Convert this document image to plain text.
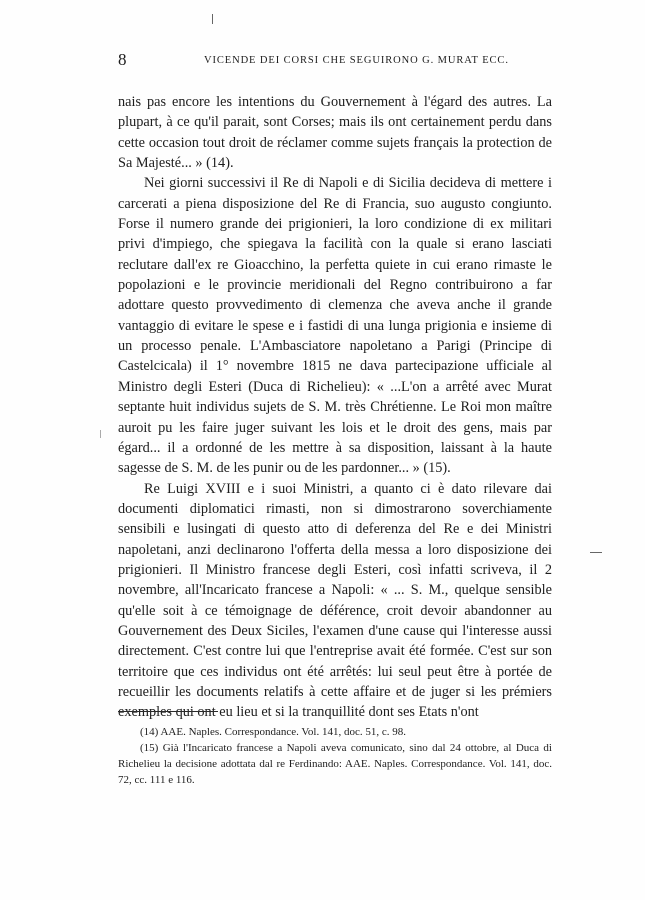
8	VICENDE DEI CORSI CHE SEGUIRONO G. MURAT ECC.

nais pas encore les intentions du Gouvernement à l'égard des autres. La plupart, à ce qu'il parait, sont Corses; mais ils ont certainement perdu dans cette occasion tout droit de réclamer comme sujets français la protection de Sa Majesté... » (14).

Nei giorni successivi il Re di Napoli e di Sicilia decideva di mettere i carcerati a piena disposizione del Re di Francia, suo augusto congiunto. Forse il numero grande dei prigionieri, la loro condizione di ex militari privi d'impiego, che spiegava la facilità con la quale si erano lasciati reclutare dall'ex re Gioacchino, la perfetta quiete in cui erano rimaste le popolazioni e le provincie meridionali del Regno contribuirono a far adottare questo provvedimento di clemenza che aveva anche il grande vantaggio di evitare le spese e i fastidi di una lunga prigionia e insieme di un processo penale. L'Ambasciatore napoletano a Parigi (Principe di Castelcicala) il 1° novembre 1815 ne dava partecipazione ufficiale al Ministro degli Esteri (Duca di Richelieu): « ...L'on a arrêté avec Murat septante huit individus sujets de S. M. très Chrétienne. Le Roi mon maître auroit pu les faire juger suivant les lois et le droit des gens, mais par égard... il a ordonné de les mettre à sa disposition, laissant à la haute sagesse de S. M. de les punir ou de les pardonner... » (15).

Re Luigi XVIII e i suoi Ministri, a quanto ci è dato rilevare dai documenti diplomatici rimasti, non si dimostrarono soverchiamente sensibili e lusingati di questo atto di deferenza del Re e dei Ministri napoletani, anzi declinarono l'offerta della messa a loro disposizione dei prigionieri. Il Ministro francese degli Esteri, così infatti scriveva, il 2 novembre, all'Incaricato francese a Napoli: « ... S. M., quelque sensible qu'elle soit à ce témoignage de déférence, croit devoir abandonner au Gouvernement des Deux Siciles, l'examen d'une cause qui l'interesse aussi directement. C'est contre lui que l'entreprise avait été formée. C'est sur son territoire que ces individus ont été arrêtés: lui seul peut être à portée de recueillir les documents relatifs à cette affaire et de juger si les prémiers exemples qui ont eu lieu et si la tranquillité dont ses Etats n'ont

(14) AAE. Naples. Correspondance. Vol. 141, doc. 51, c. 98.

(15) Già l'Incaricato francese a Napoli aveva comunicato, sino dal 24 ottobre, al Duca di Richelieu la decisione adottata dal re Ferdinando: AAE. Naples. Correspondance. Vol. 141, doc. 72, cc. 111 e 116.
